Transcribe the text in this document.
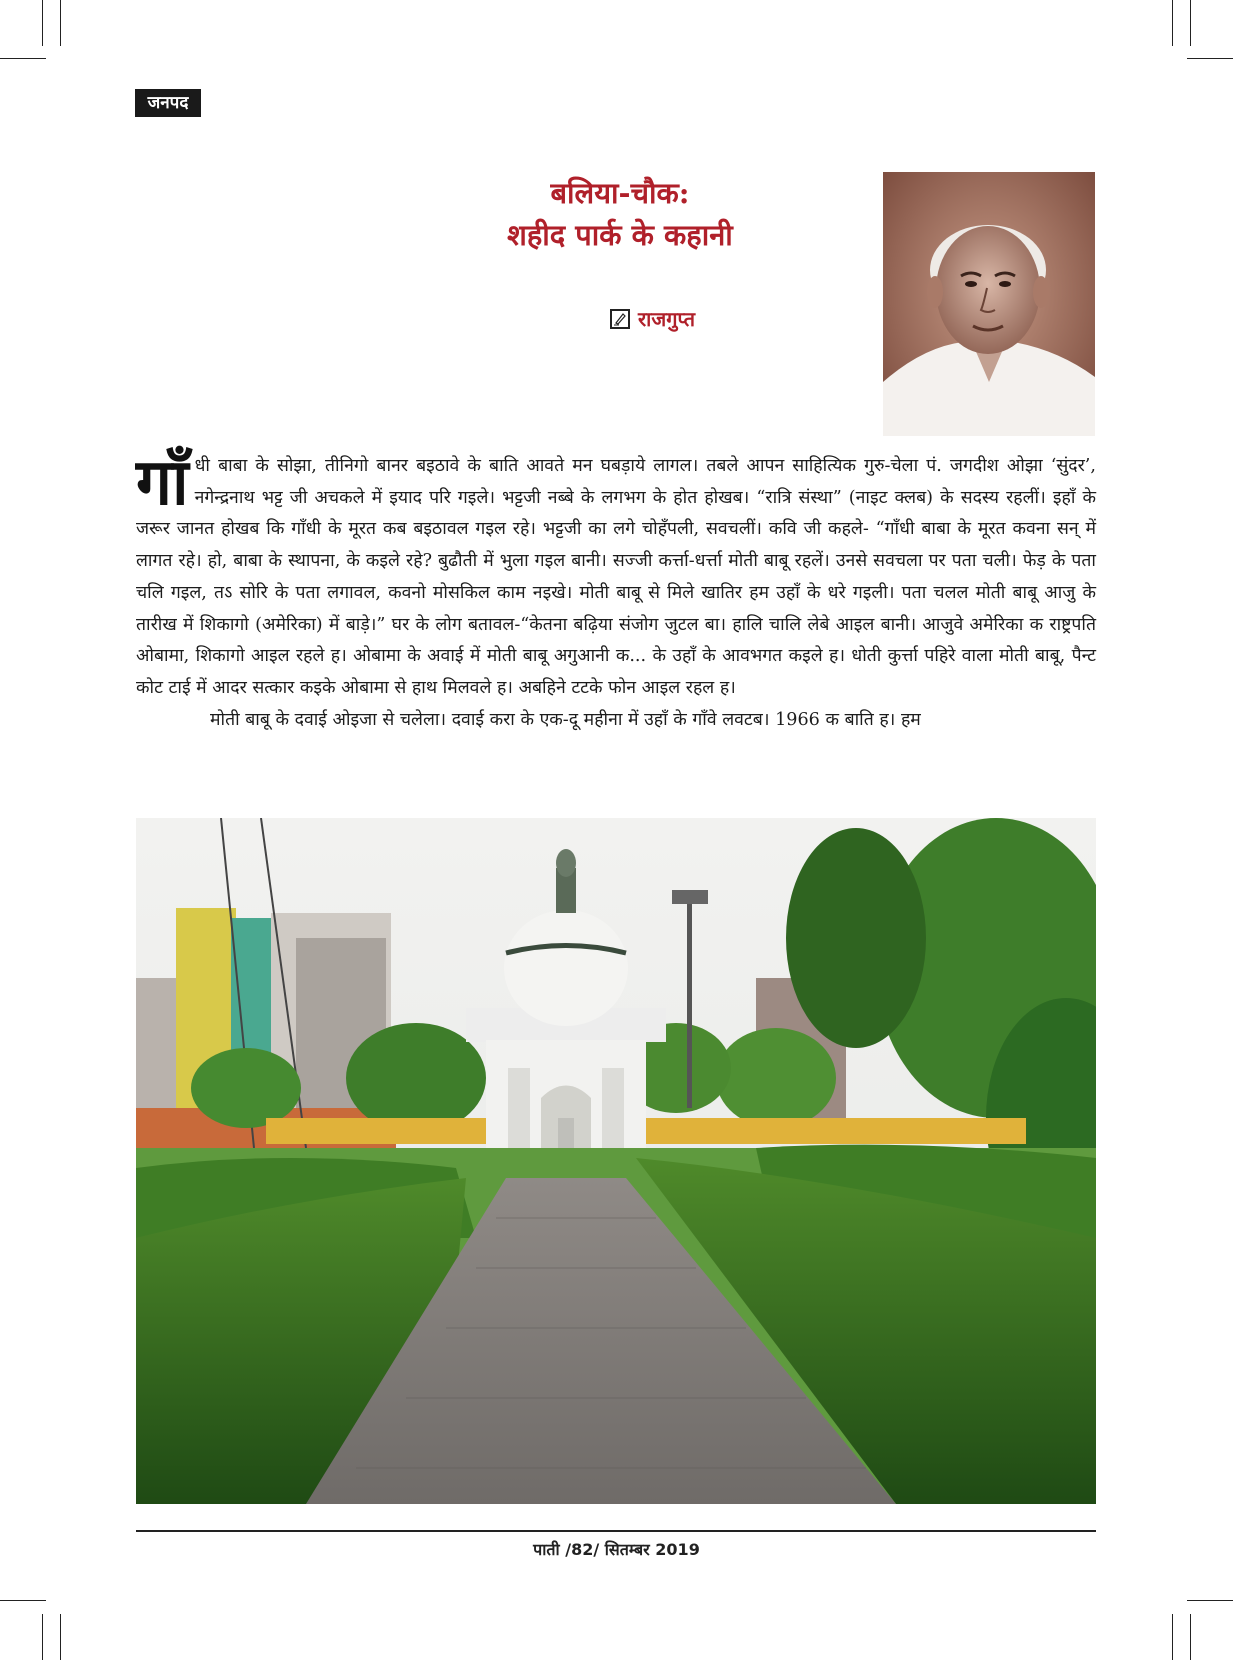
जनपद
बलिया-चौक:
शहीद पार्क के कहानी
राजगुप्त

गाँ धी बाबा के सोझा, तीनिगो बानर बइठावे के बाति आवते मन घबड़ाये लागल। तबले आपन साहित्यिक गुरु-चेला पं. जगदीश ओझा ‘सुंदर’, नगेन्द्रनाथ भट्ट जी अचकले में इयाद परि गइले। भट्टजी नब्बे के लगभग के होत होखब। “रात्रि संस्था” (नाइट क्लब) के सदस्य रहलीं। इहाँ के जरूर जानत होखब कि गाँधी के मूरत कब बइठावल गइल रहे। भट्टजी का लगे चोहँपली, सवचलीं। कवि जी कहले- “गाँधी बाबा के मूरत कवना सन् में लागत रहे। हो, बाबा के स्थापना, के कइले रहे? बुढौती में भुला गइल बानी। सज्जी कर्त्ता-धर्त्ता मोती बाबू रहलें। उनसे सवचला पर पता चली। फेड़ के पता चलि गइल, तऽ सोरि के पता लगावल, कवनो मोसकिल काम नइखे। मोती बाबू से मिले खातिर हम उहाँ के धरे गइली। पता चलल मोती बाबू आजु के तारीख में शिकागो (अमेरिका) में बाड़े।” घर के लोग बतावल-“केतना बढ़िया संजोग जुटल बा। हालि चालि लेबे आइल बानी। आजुवे अमेरिका क राष्ट्रपति ओबामा, शिकागो आइल रहले ह। ओबामा के अवाई में मोती बाबू अगुआनी क... के उहाँ के आवभगत कइले ह। धोती कुर्त्ता पहिरे वाला मोती बाबू, पैन्ट कोट टाई में आदर सत्कार कइके ओबामा से हाथ मिलवले ह। अबहिने टटके फोन आइल रहल ह।

मोती बाबू के दवाई ओइजा से चलेला। दवाई करा के एक-दू महीना में उहाँ के गाँवे लवटब। 1966 क बाति ह। हम

पाती /82/ सितम्बर 2019
